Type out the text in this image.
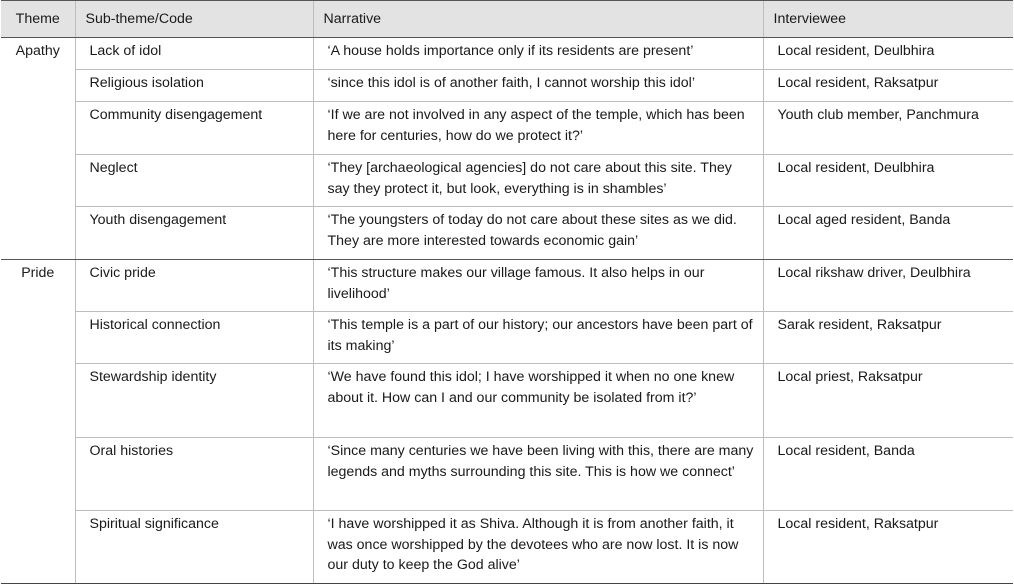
Theme	Sub-theme/Code	Narrative	Interviewee
Apathy	Lack of idol	‘A house holds importance only if its residents are present’	Local resident, Deulbhira
	Religious isolation	‘since this idol is of another faith, I cannot worship this idol’	Local resident, Raksatpur
	Community disengagement	‘If we are not involved in any aspect of the temple, which has been here for centuries, how do we protect it?’	Youth club member, Panchmura
	Neglect	‘They [archaeological agencies] do not care about this site. They say they protect it, but look, everything is in shambles’	Local resident, Deulbhira
	Youth disengagement	‘The youngsters of today do not care about these sites as we did. They are more interested towards economic gain’	Local aged resident, Banda
Pride	Civic pride	‘This structure makes our village famous. It also helps in our livelihood’	Local rikshaw driver, Deulbhira
	Historical connection	‘This temple is a part of our history; our ancestors have been part of its making’	Sarak resident, Raksatpur
	Stewardship identity	‘We have found this idol; I have worshipped it when no one knew about it. How can I and our community be isolated from it?’	Local priest, Raksatpur
	Oral histories	‘Since many centuries we have been living with this, there are many legends and myths surrounding this site. This is how we connect’	Local resident, Banda
	Spiritual significance	‘I have worshipped it as Shiva. Although it is from another faith, it was once worshipped by the devotees who are now lost. It is now our duty to keep the God alive’	Local resident, Raksatpur
